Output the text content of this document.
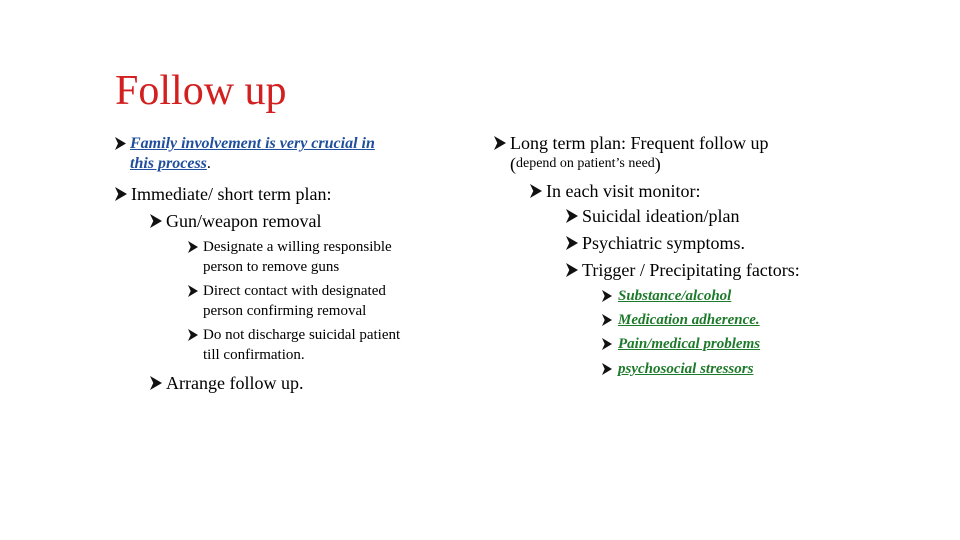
Follow up
Family involvement is very crucial in
this process.
Immediate/ short term plan:
Gun/weapon removal
Designate a willing responsible
person to remove guns
Direct contact with designated
person confirming removal
Do not discharge suicidal patient
till confirmation.
Arrange follow up.
Long term plan: Frequent follow up
( depend on patient’s need )
In each visit monitor:
Suicidal ideation/plan
Psychiatric symptoms.
Trigger / Precipitating factors:
Substance/alcohol
Medication adherence.
Pain/medical problems
psychosocial stressors
